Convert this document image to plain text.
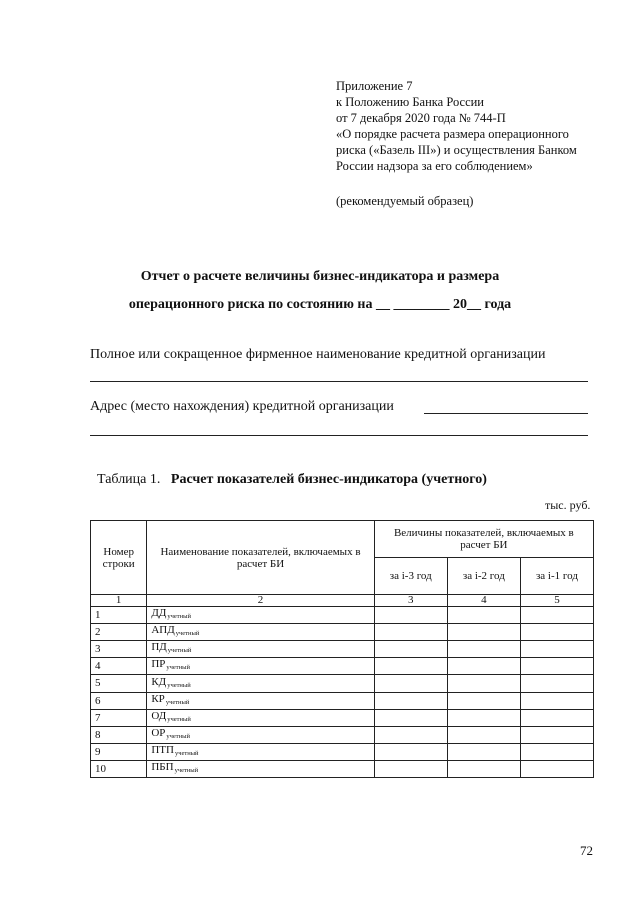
Приложение 7
к Положению Банка России
от 7 декабря 2020 года № 744-П
«О порядке расчета размера операционного
риска («Базель III») и осуществления Банком
России надзора за его соблюдением»
(рекомендуемый образец)
Отчет о расчете величины бизнес-индикатора и размера
операционного риска по состоянию на __ ________ 20__ года
Полное или сокращенное фирменное наименование кредитной организации
Адрес (место нахождения) кредитной организации
Таблица 1. Расчет показателей бизнес-индикатора (учетного)
тыс. руб.
Номер строки	Наименование показателей, включаемых в расчет БИ	Величины показателей, включаемых в расчет БИ		
		за i-3 год	за i-2 год	за i-1 год
1	2	3	4	5
1	$ДД_{учетный}$			
2	$АПД_{учетный}$			
3	$ПД_{учетный}$			
4	$ПР_{учетный}$			
5	$КД_{учетный}$			
6	$КР_{учетный}$			
7	$ОД_{учетный}$			
8	$ОР_{учетный}$			
9	$ПТП_{учетный}$			
10	$ПБП_{учетный}$			
72
